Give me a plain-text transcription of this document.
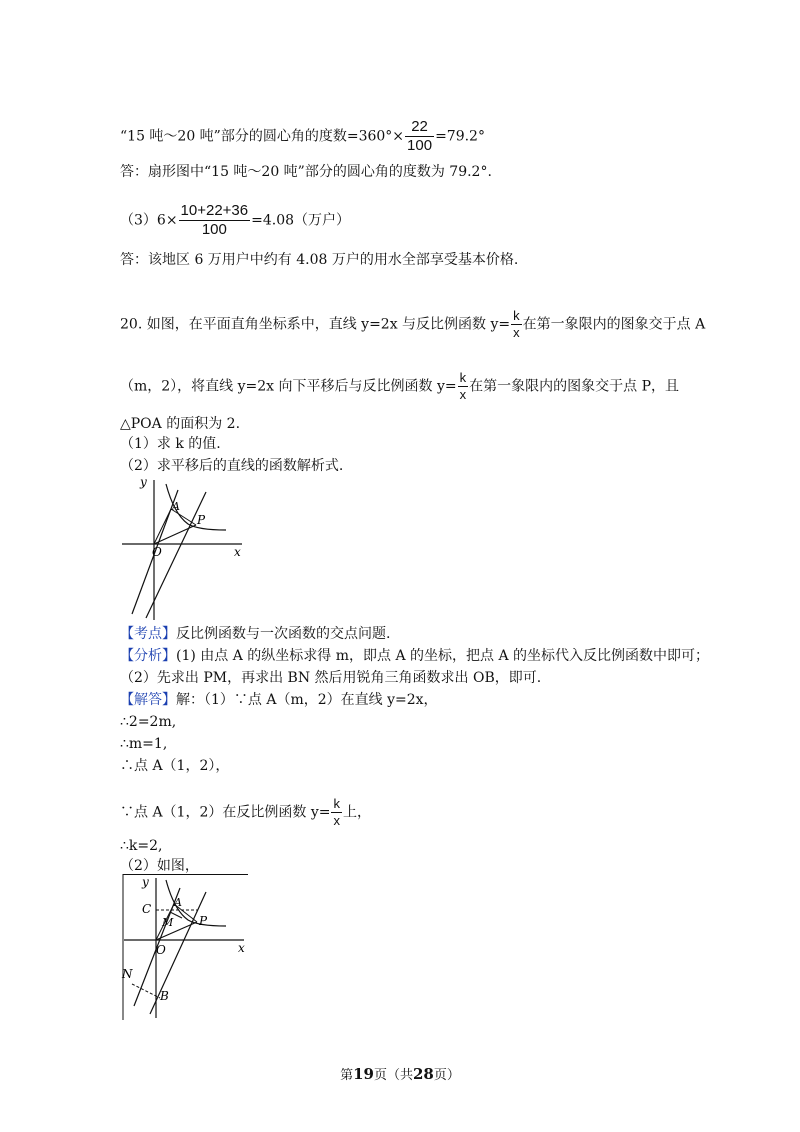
“15 吨～20 吨”部分的圆心角的度数$=360^\circ\times \frac{22}{100} =79.2^\circ$
答：扇形图中“15 吨～20 吨”部分的圆心角的度数为 79.2°.
$(3)6\times \frac{10+22+36}{100} =4.08$（万户）
答：该地区 6 万用户中约有 4.08 万户的用水全部享受基本价格.
20. 如图，在平面直角坐标系中，直线 y=2x 与反比例函数 $y= \frac{k}{x}$ 在第一象限内的图象交于点 A
（m，2），将直线 y=2x 向下平移后与反比例函数 $y= \frac{k}{x}$ 在第一象限内的图象交于点 P，且
△POA 的面积为 2.
（1）求 k 的值.
（2）求平移后的直线的函数解析式.
y
x
O
A
P
【考点】反比例函数与一次函数的交点问题.
【分析】(1) 由点 A 的纵坐标求得 m，即点 A 的坐标，把点 A 的坐标代入反比例函数中即可；
（2）先求出 PM，再求出 BN 然后用锐角三角函数求出 OB，即可.
【解答】解：（1）∵点 A（m，2）在直线 y=2x，
∴2=2m,
∴m=1,
∴点 A（1，2），
∵点 A（1，2）在反比例函数 $y= \frac{k}{x}$ 上，
∴k=2,
（2）如图，
y
x
O
A
P
C
M
N
B
第19页（共28页）
